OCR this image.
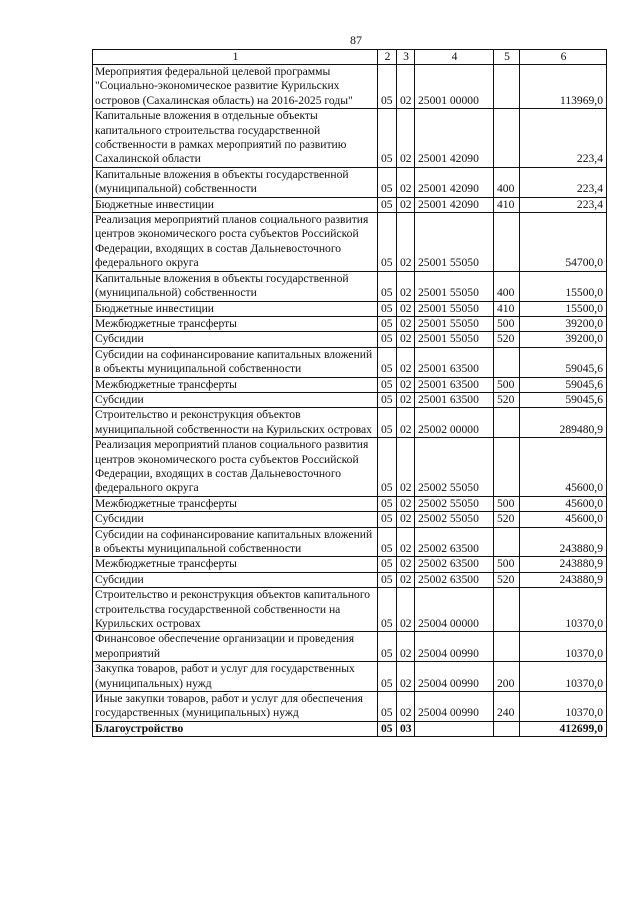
87
1	2	3	4	5	6
Мероприятия федеральной целевой программы "Социально-экономическое развитие Курильских островов (Сахалинская область) на 2016-2025 годы"	05	02	25001 00000		113969,0
Капитальные вложения в отдельные объекты капитального строительства государственной собственности в рамках мероприятий по развитию Сахалинской области	05	02	25001 42090		223,4
Капитальные вложения в объекты государственной (муниципальной) собственности	05	02	25001 42090	400	223,4
Бюджетные инвестиции	05	02	25001 42090	410	223,4
Реализация мероприятий планов социального развития центров экономического роста субъектов Российской Федерации, входящих в состав Дальневосточного федерального округа	05	02	25001 55050		54700,0
Капитальные вложения в объекты государственной (муниципальной) собственности	05	02	25001 55050	400	15500,0
Бюджетные инвестиции	05	02	25001 55050	410	15500,0
Межбюджетные трансферты	05	02	25001 55050	500	39200,0
Субсидии	05	02	25001 55050	520	39200,0
Субсидии на софинансирование капитальных вложений в объекты муниципальной собственности	05	02	25001 63500		59045,6
Межбюджетные трансферты	05	02	25001 63500	500	59045,6
Субсидии	05	02	25001 63500	520	59045,6
Строительство и реконструкция объектов муниципальной собственности на Курильских островах	05	02	25002 00000		289480,9
Реализация мероприятий планов социального развития центров экономического роста субъектов Российской Федерации, входящих в состав Дальневосточного федерального округа	05	02	25002 55050		45600,0
Межбюджетные трансферты	05	02	25002 55050	500	45600,0
Субсидии	05	02	25002 55050	520	45600,0
Субсидии на софинансирование капитальных вложений в объекты муниципальной собственности	05	02	25002 63500		243880,9
Межбюджетные трансферты	05	02	25002 63500	500	243880,9
Субсидии	05	02	25002 63500	520	243880,9
Строительство и реконструкция объектов капитального строительства государственной собственности на Курильских островах	05	02	25004 00000		10370,0
Финансовое обеспечение организации и проведения мероприятий	05	02	25004 00990		10370,0
Закупка товаров, работ и услуг для государственных (муниципальных) нужд	05	02	25004 00990	200	10370,0
Иные закупки товаров, работ и услуг для обеспечения государственных (муниципальных) нужд	05	02	25004 00990	240	10370,0
Благоустройство	05	03			412699,0
